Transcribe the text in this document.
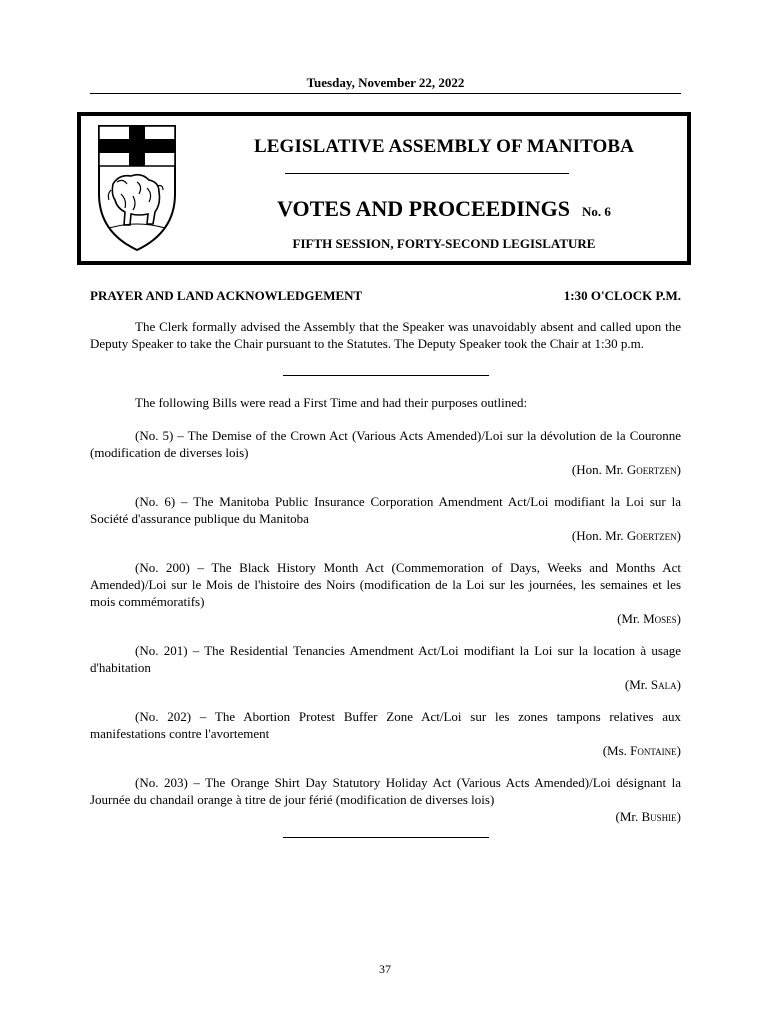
Tuesday, November 22, 2022
LEGISLATIVE ASSEMBLY OF MANITOBA
VOTES AND PROCEEDINGS No. 6
FIFTH SESSION, FORTY-SECOND LEGISLATURE
PRAYER AND LAND ACKNOWLEDGEMENT	1:30 O'CLOCK P.M.

The Clerk formally advised the Assembly that the Speaker was unavoidably absent and called upon the Deputy Speaker to take the Chair pursuant to the Statutes. The Deputy Speaker took the Chair at 1:30 p.m.

The following Bills were read a First Time and had their purposes outlined:

(No. 5) – The Demise of the Crown Act (Various Acts Amended)/Loi sur la dévolution de la Couronne (modification de diverses lois)

(Hon. Mr. Goertzen)

(No. 6) – The Manitoba Public Insurance Corporation Amendment Act/Loi modifiant la Loi sur la Société d'assurance publique du Manitoba

(Hon. Mr. Goertzen)

(No. 200) – The Black History Month Act (Commemoration of Days, Weeks and Months Act Amended)/Loi sur le Mois de l'histoire des Noirs (modification de la Loi sur les journées, les semaines et les mois commémoratifs)

(Mr. Moses)

(No. 201) – The Residential Tenancies Amendment Act/Loi modifiant la Loi sur la location à usage d'habitation

(Mr. Sala)

(No. 202) – The Abortion Protest Buffer Zone Act/Loi sur les zones tampons relatives aux manifestations contre l'avortement

(Ms. Fontaine)

(No. 203) – The Orange Shirt Day Statutory Holiday Act (Various Acts Amended)/Loi désignant la Journée du chandail orange à titre de jour férié (modification de diverses lois)

(Mr. Bushie)
37
